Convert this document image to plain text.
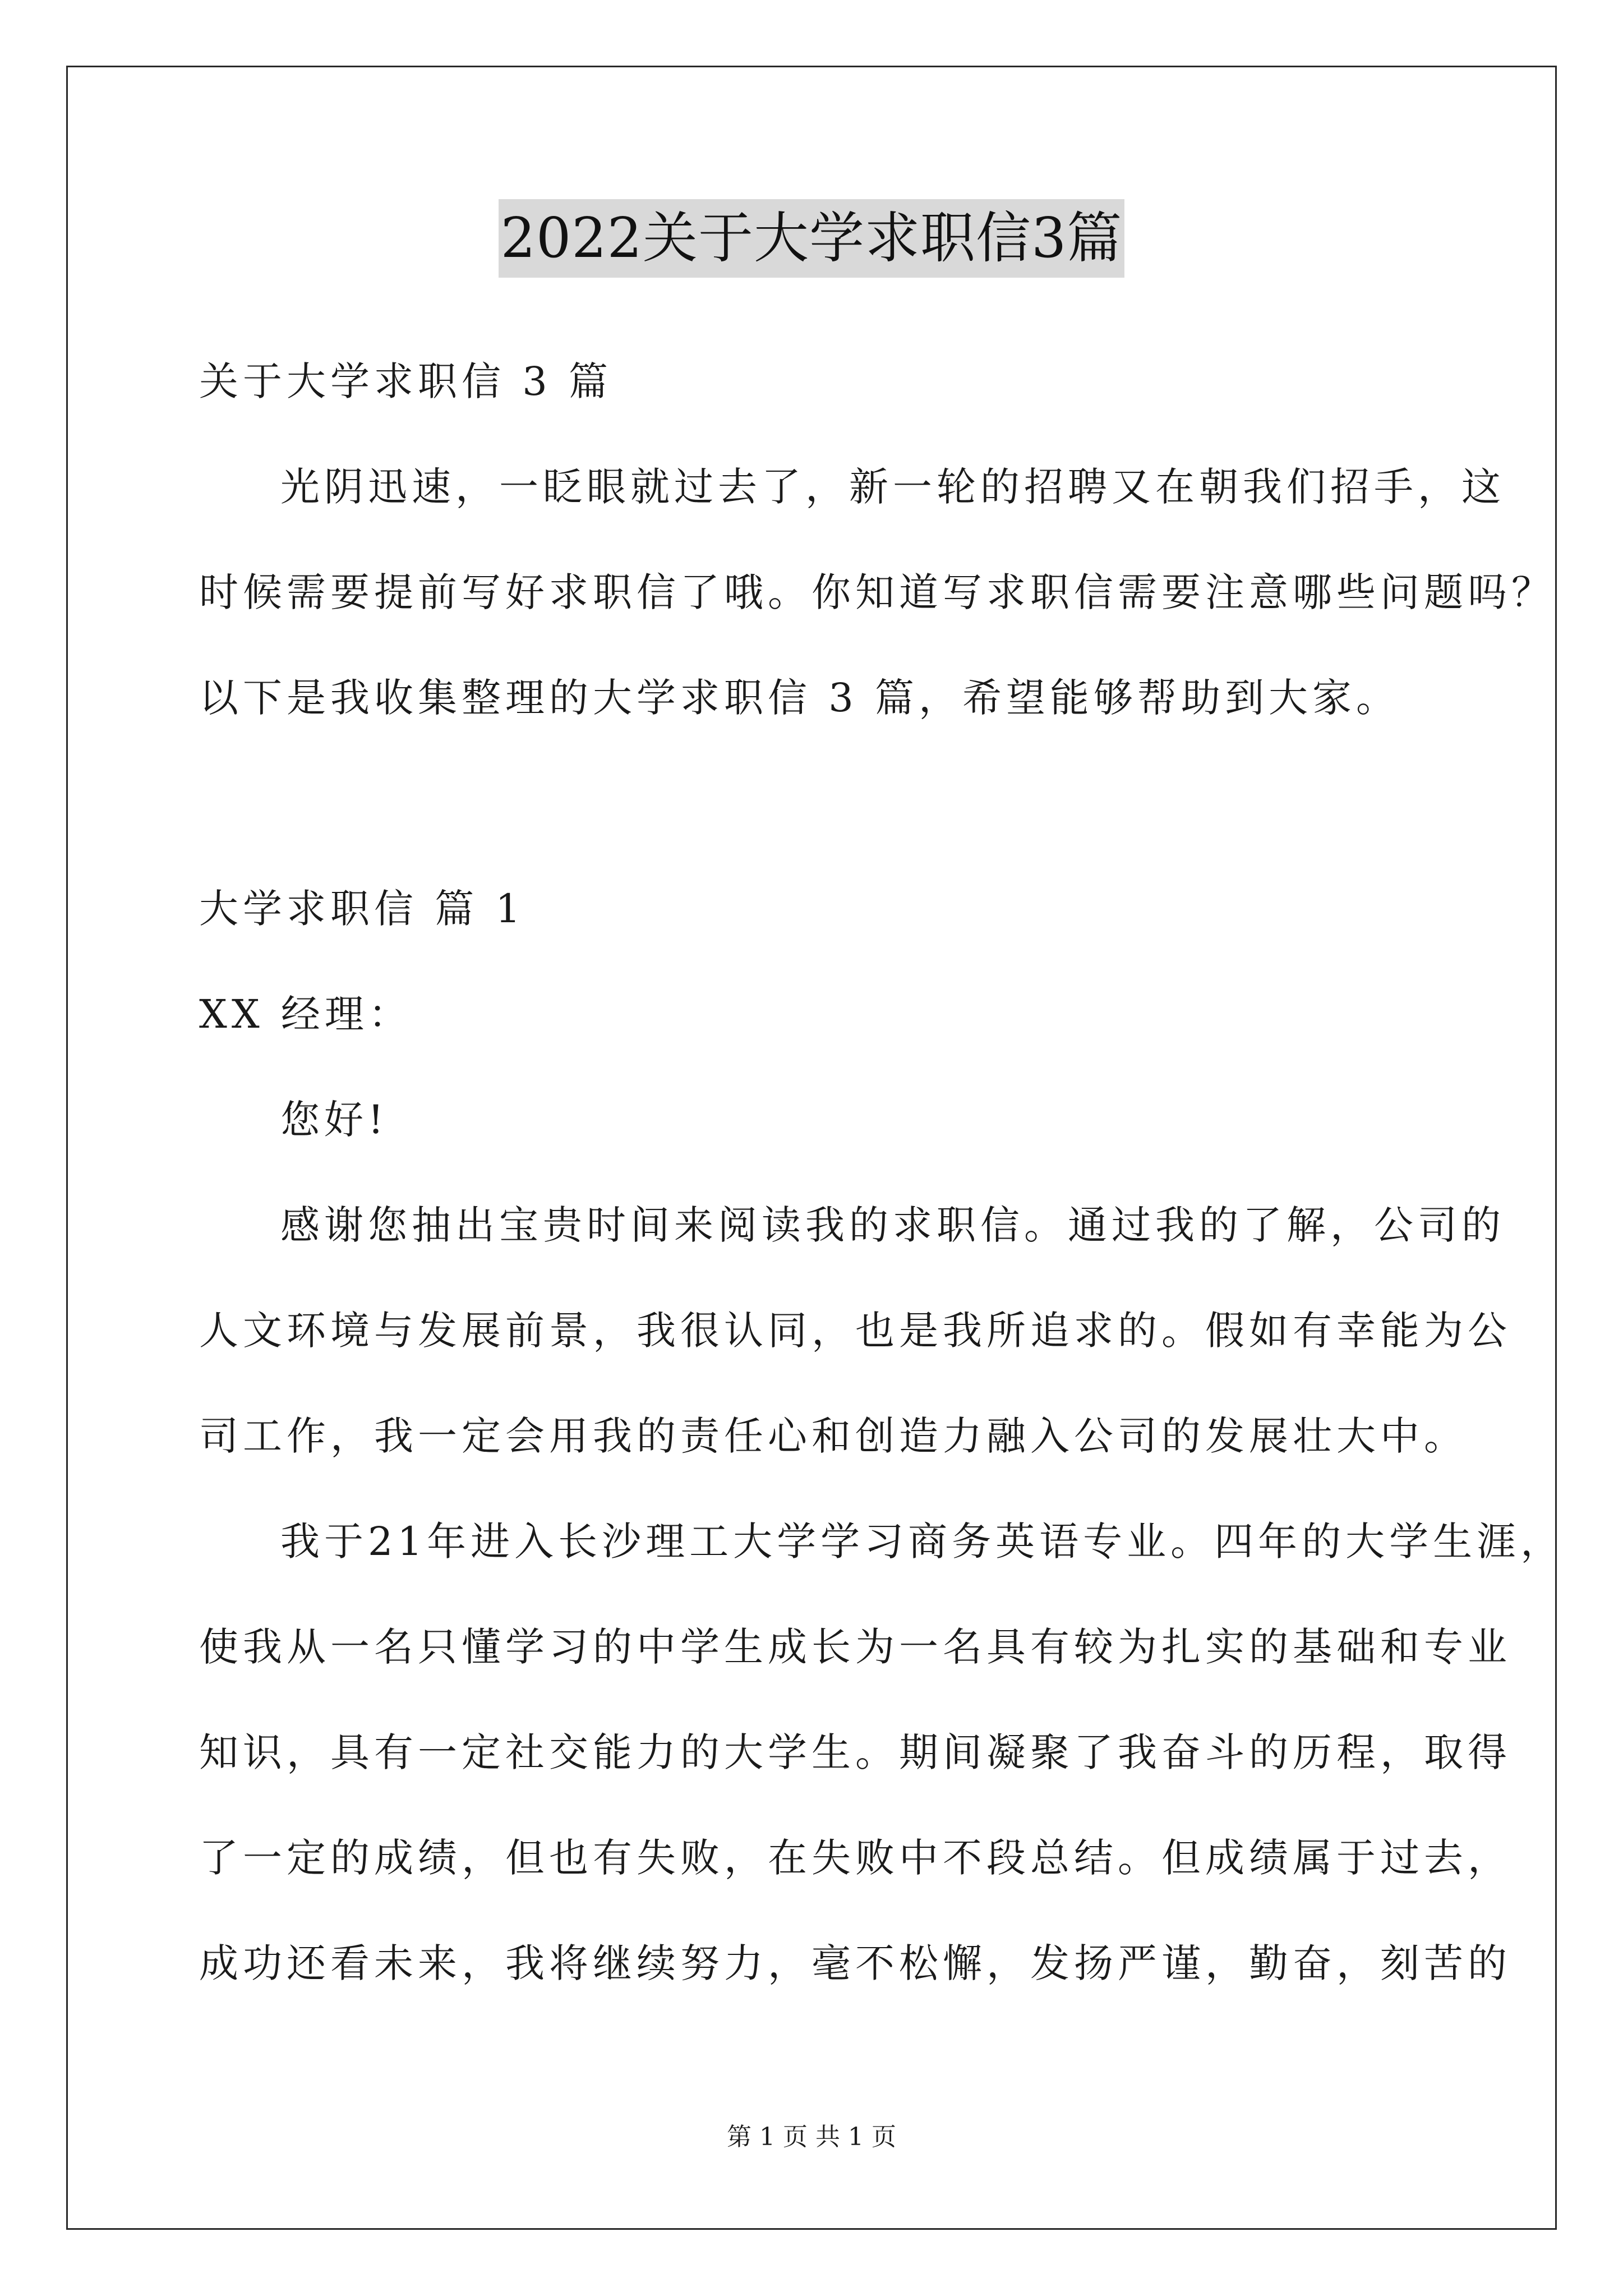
2022关于大学求职信3篇
关于大学求职信 3 篇
光阴迅速，一眨眼就过去了，新一轮的招聘又在朝我们招手，这
时候需要提前写好求职信了哦。你知道写求职信需要注意哪些问题吗？
以下是我收集整理的大学求职信 3 篇，希望能够帮助到大家。
大学求职信 篇 1
XX 经理：
您好!
感谢您抽出宝贵时间来阅读我的求职信。通过我的了解，公司的
人文环境与发展前景，我很认同，也是我所追求的。假如有幸能为公
司工作，我一定会用我的责任心和创造力融入公司的发展壮大中。
我于21年进入长沙理工大学学习商务英语专业。四年的大学生涯，
使我从一名只懂学习的中学生成长为一名具有较为扎实的基础和专业
知识，具有一定社交能力的大学生。期间凝聚了我奋斗的历程，取得
了一定的成绩，但也有失败，在失败中不段总结。但成绩属于过去，
成功还看未来，我将继续努力，毫不松懈，发扬严谨，勤奋，刻苦的
第 1 页 共 1 页
